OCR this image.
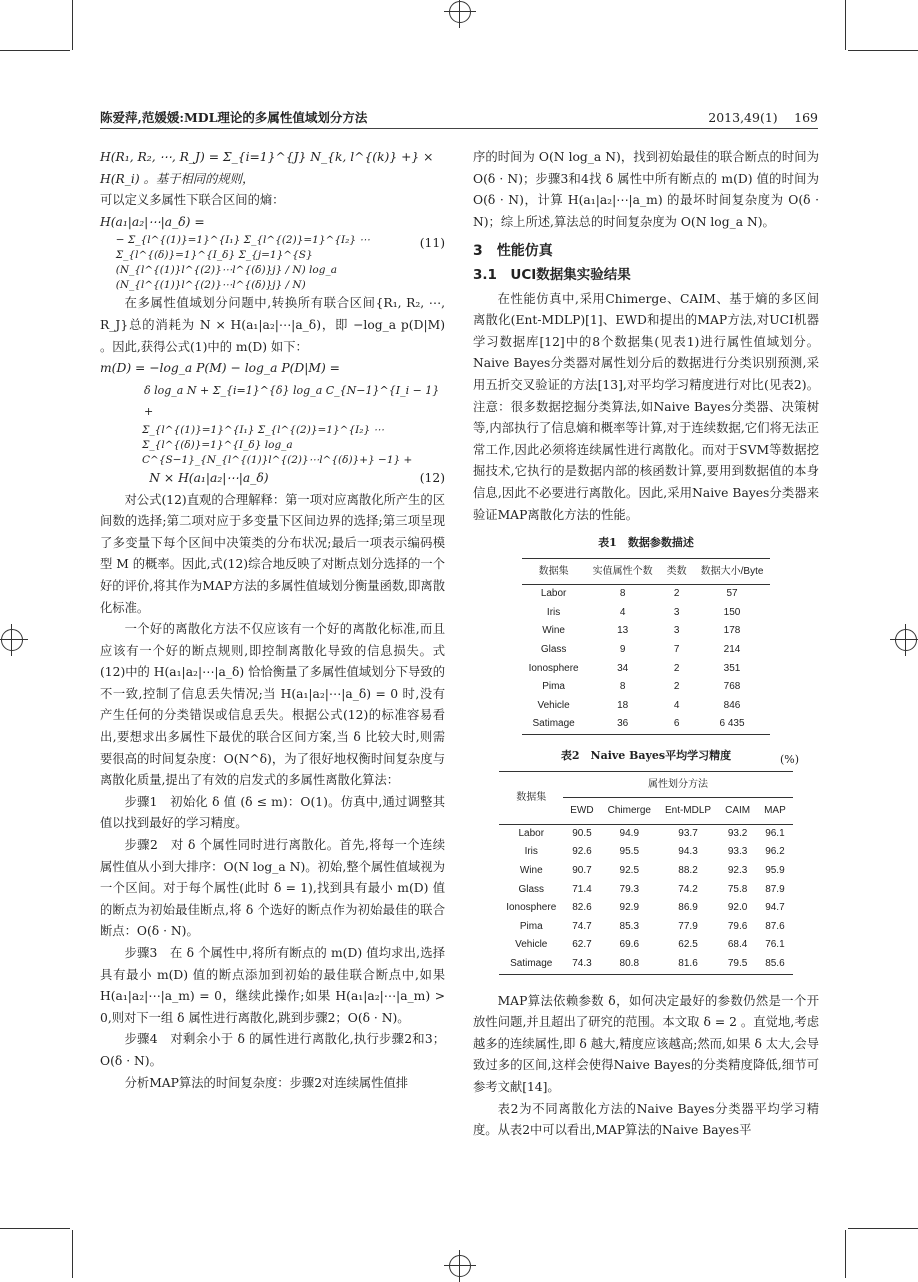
陈爱萍,范媛媛:MDL理论的多属性值域划分方法	2013,49(1)　 169

H(R₁, R₂, ⋯, R_J) = Σ_{i=1}^{J} N_{k, l^{(k)} +} × H(R_i) 。基于相同的规则，

可以定义多属性下联合区间的熵：

H(a₁|a₂|⋯|a_δ) =

− Σ_{l^{(1)}=1}^{I₁} Σ_{l^{(2)}=1}^{I₂} ⋯ Σ_{l^{(δ)}=1}^{I_δ} Σ_{j=1}^{S} (N_{l^{(1)}l^{(2)}⋯l^{(δ)}j} / N) log_a (N_{l^{(1)}l^{(2)}⋯l^{(δ)}j} / N)
(11)

在多属性值域划分问题中,转换所有联合区间{R₁, R₂, ⋯, R_J}总的消耗为 N × H(a₁|a₂|⋯|a_δ)，即 −log_a p(D|M) 。因此,获得公式(1)中的 m(D) 如下：

m(D) = −log_a P(M) − log_a P(D|M) =

δ log_a N + Σ_{i=1}^{δ} log_a C_{N−1}^{I_i − 1} +

Σ_{l^{(1)}=1}^{I₁} Σ_{l^{(2)}=1}^{I₂} ⋯ Σ_{l^{(δ)}=1}^{I_δ} log_a C^{S−1}_{N_{l^{(1)}l^{(2)}⋯l^{(δ)}+} −1} +

N × H(a₁|a₂|⋯|a_δ)	(12)

对公式(12)直观的合理解释：第一项对应离散化所产生的区间数的选择;第二项对应于多变量下区间边界的选择;第三项呈现了多变量下每个区间中决策类的分布状况;最后一项表示编码模型 M 的概率。因此,式(12)综合地反映了对断点划分选择的一个好的评价,将其作为MAP方法的多属性值域划分衡量函数,即离散化标准。

一个好的离散化方法不仅应该有一个好的离散化标准,而且应该有一个好的断点规则,即控制离散化导致的信息损失。式(12)中的 H(a₁|a₂|⋯|a_δ) 恰恰衡量了多属性值域划分下导致的不一致,控制了信息丢失情况;当 H(a₁|a₂|⋯|a_δ) = 0 时,没有产生任何的分类错误或信息丢失。根据公式(12)的标准容易看出,要想求出多属性下最优的联合区间方案,当 δ 比较大时,则需要很高的时间复杂度：O(N^δ)，为了很好地权衡时间复杂度与离散化质量,提出了有效的启发式的多属性离散化算法：

步骤1　初始化 δ 值 (δ ≤ m)：O(1)。仿真中,通过调整其值以找到最好的学习精度。

步骤2　对 δ 个属性同时进行离散化。首先,将每一个连续属性值从小到大排序：O(N log_a N)。初始,整个属性值域视为一个区间。对于每个属性(此时 δ = 1),找到具有最小 m(D) 值的断点为初始最佳断点,将 δ 个选好的断点作为初始最佳的联合断点：O(δ · N)。

步骤3　在 δ 个属性中,将所有断点的 m(D) 值均求出,选择具有最小 m(D) 值的断点添加到初始的最佳联合断点中,如果 H(a₁|a₂|⋯|a_m) = 0，继续此操作;如果 H(a₁|a₂|⋯|a_m) > 0,则对下一组 δ 属性进行离散化,跳到步骤2；O(δ · N)。

步骤4　对剩余小于 δ 的属性进行离散化,执行步骤2和3；O(δ · N)。

分析MAP算法的时间复杂度：步骤2对连续属性值排

序的时间为 O(N log_a N)，找到初始最佳的联合断点的时间为 O(δ · N)；步骤3和4找 δ 属性中所有断点的 m(D) 值的时间为 O(δ · N)，计算 H(a₁|a₂|⋯|a_m) 的最坏时间复杂度为 O(δ · N)；综上所述,算法总的时间复杂度为 O(N log_a N)。

3　性能仿真
3.1　UCI数据集实验结果

在性能仿真中,采用Chimerge、CAIM、基于熵的多区间离散化(Ent-MDLP)[1]、EWD和提出的MAP方法,对UCI机器学习数据库[12]中的8个数据集(见表1)进行属性值域划分。Naive Bayes分类器对属性划分后的数据进行分类识别预测,采用五折交叉验证的方法[13],对平均学习精度进行对比(见表2)。注意：很多数据挖掘分类算法,如Naive Bayes分类器、决策树等,内部执行了信息熵和概率等计算,对于连续数据,它们将无法正常工作,因此必须将连续属性进行离散化。而对于SVM等数据挖掘技术,它执行的是数据内部的核函数计算,要用到数据值的本身信息,因此不必要进行离散化。因此,采用Naive Bayes分类器来验证MAP离散化方法的性能。

表1　数据参数描述
数据集	实值属性个数	类数	数据大小/Byte
Labor	8	2	57
Iris	4	3	150
Wine	13	3	178
Glass	9	7	214
Ionosphere	34	2	351
Pima	8	2	768
Vehicle	18	4	846
Satimage	36	6	6 435
表2　Naive Bayes平均学习精度	(%)
数据集	属性划分方法				
	EWD	Chimerge	Ent-MDLP	CAIM	MAP
Labor	90.5	94.9	93.7	93.2	96.1
Iris	92.6	95.5	94.3	93.3	96.2
Wine	90.7	92.5	88.2	92.3	95.9
Glass	71.4	79.3	74.2	75.8	87.9
Ionosphere	82.6	92.9	86.9	92.0	94.7
Pima	74.7	85.3	77.9	79.6	87.6
Vehicle	62.7	69.6	62.5	68.4	76.1
Satimage	74.3	80.8	81.6	79.5	85.6

MAP算法依赖参数 δ，如何决定最好的参数仍然是一个开放性问题,并且超出了研究的范围。本文取 δ = 2 。直觉地,考虑越多的连续属性,即 δ 越大,精度应该越高;然而,如果 δ 太大,会导致过多的区间,这样会使得Naive Bayes的分类精度降低,细节可参考文献[14]。

表2为不同离散化方法的Naive Bayes分类器平均学习精度。从表2中可以看出,MAP算法的Naive Bayes平
